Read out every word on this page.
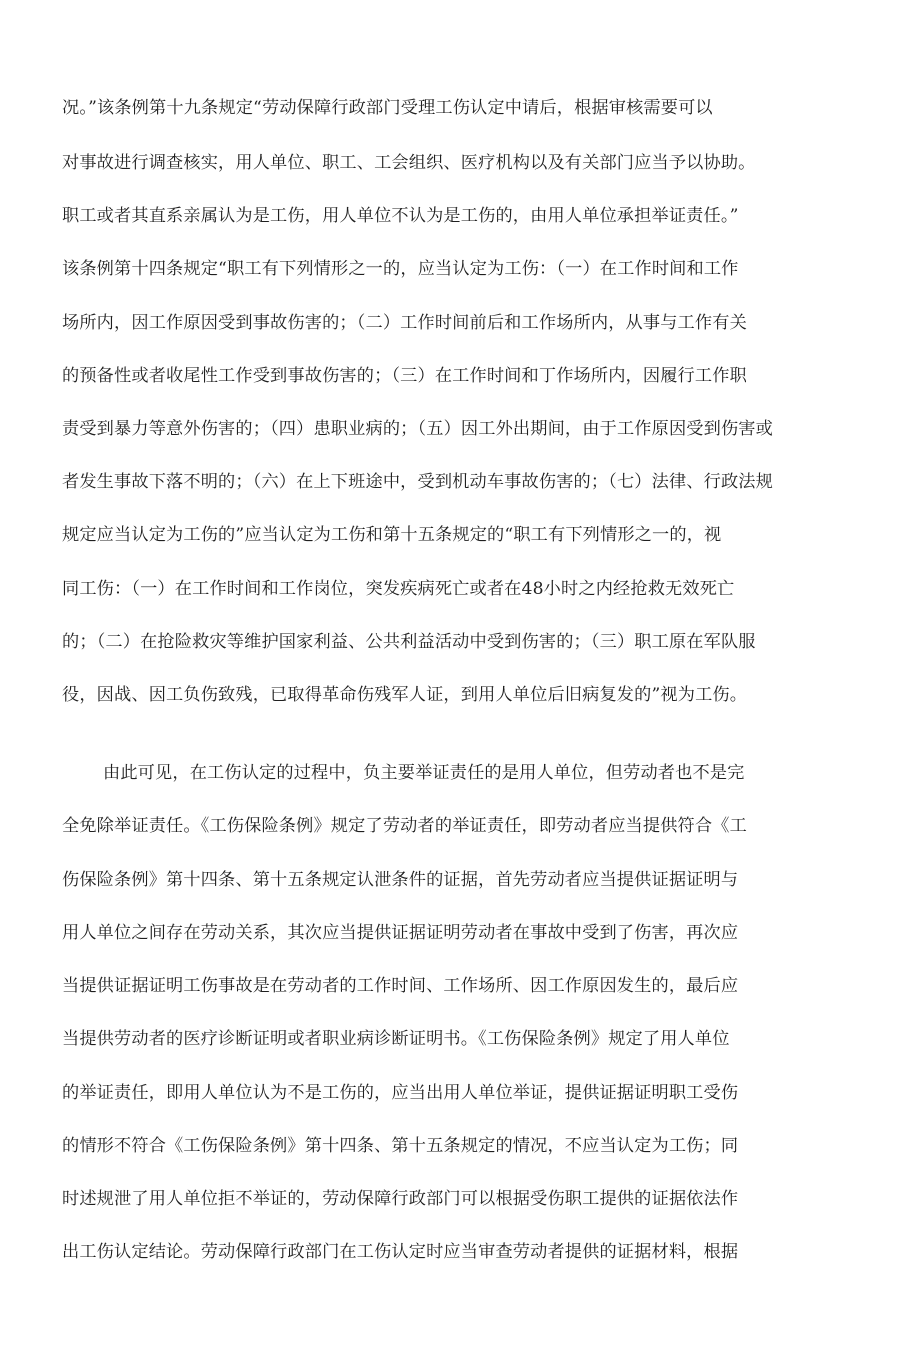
况。”该条例第十九条规定“劳动保障行政部门受理工伤认定中请后，根据审核需要可以
对事故进行调查核实，用人单位、职工、工会组织、医疗机构以及有关部门应当予以协助。
职工或者其直系亲属认为是工伤，用人单位不认为是工伤的，由用人单位承担举证责任。”
该条例第十四条规定“职工有下列情形之一的，应当认定为工伤：（一）在工作时间和工作
场所内，因工作原因受到事故伤害的；（二）工作时间前后和工作场所内，从事与工作有关
的预备性或者收尾性工作受到事故伤害的；（三）在工作时间和丁作场所内，因履行工作职
责受到暴力等意外伤害的；（四）患职业病的；（五）因工外出期间，由于工作原因受到伤害或
者发生事故下落不明的；（六）在上下班途中，受到机动车事故伤害的；（七）法律、行政法规
规定应当认定为工伤的”应当认定为工伤和第十五条规定的“职工有下列情形之一的，视
同工伤：（一）在工作时间和工作岗位，突发疾病死亡或者在48小时之内经抢救无效死亡
的；（二）在抢险救灾等维护国家利益、公共利益活动中受到伤害的；（三）职工原在军队服
役，因战、因工负伤致残，已取得革命伤残军人证，到用人单位后旧病复发的”视为工伤。
由此可见，在工伤认定的过程中，负主要举证责任的是用人单位，但劳动者也不是完
全免除举证责任。《工伤保险条例》规定了劳动者的举证责任，即劳动者应当提供符合《工
伤保险条例》第十四条、第十五条规定认泄条件的证据，首先劳动者应当提供证据证明与
用人单位之间存在劳动关系，其次应当提供证据证明劳动者在事故中受到了伤害，再次应
当提供证据证明工伤事故是在劳动者的工作时间、工作场所、因工作原因发生的，最后应
当提供劳动者的医疗诊断证明或者职业病诊断证明书。《工伤保险条例》规定了用人单位
的举证责任，即用人单位认为不是工伤的，应当出用人单位举证，提供证据证明职工受伤
的情形不符合《工伤保险条例》第十四条、第十五条规定的情况，不应当认定为工伤；同
时述规泄了用人单位拒不举证的，劳动保障行政部门可以根据受伤职工提供的证据依法作
出工伤认定结论。劳动保障行政部门在工伤认定时应当审查劳动者提供的证据材料，根据
